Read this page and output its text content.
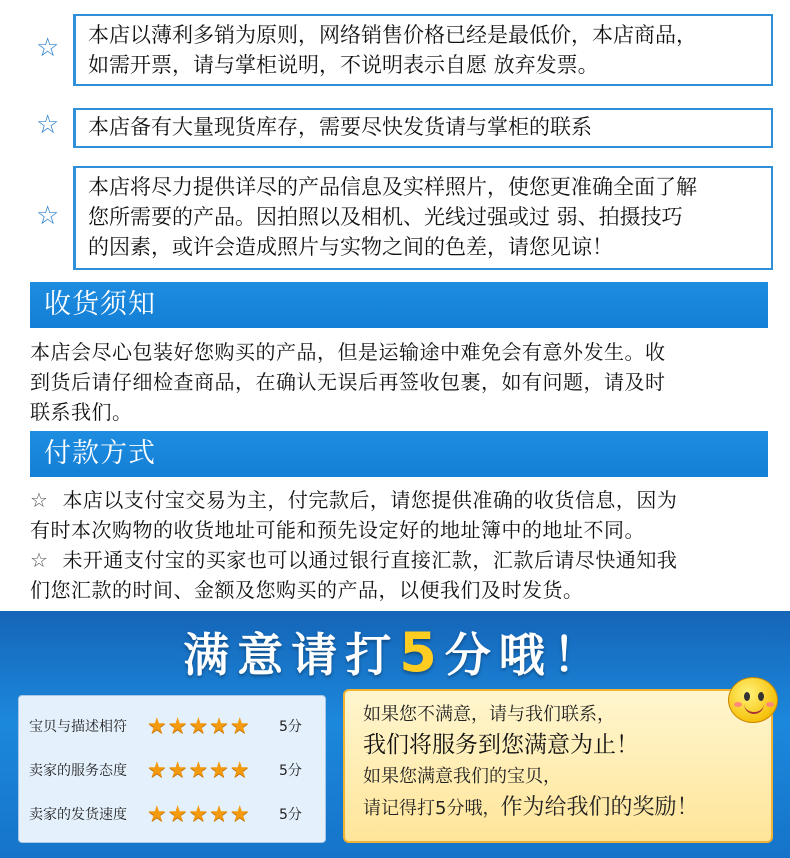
☆ 本店以薄利多销为原则，网络销售价格已经是最低价，本店商品，
如需开票，请与掌柜说明，不说明表示自愿 放弃发票。
☆ 本店备有大量现货库存，需要尽快发货请与掌柜的联系
☆
本店将尽力提供详尽的产品信息及实样照片，使您更准确全面了解
您所需要的产品。因拍照以及相机、光线过强或过 弱、拍摄技巧
的因素，或许会造成照片与实物之间的色差，请您见谅！
收货须知
本店会尽心包装好您购买的产品，但是运输途中难免会有意外发生。收
到货后请仔细检查商品，在确认无误后再签收包裹，如有问题，请及时
联系我们。
付款方式
☆ 本店以支付宝交易为主，付完款后，请您提供准确的收货信息，因为
有时本次购物的收货地址可能和预先设定好的地址簿中的地址不同。
☆ 未开通支付宝的买家也可以通过银行直接汇款，汇款后请尽快通知我
们您汇款的时间、金额及您购买的产品，以便我们及时发货。
满意请打5分哦！
宝贝与描述相符 ★★★★★	5分
卖家的服务态度 ★★★★★	5分
卖家的发货速度 ★★★★★	5分
如果您不满意，请与我们联系，
我们将服务到您满意为止！
如果您满意我们的宝贝，
请记得打5分哦，作为给我们的奖励！
